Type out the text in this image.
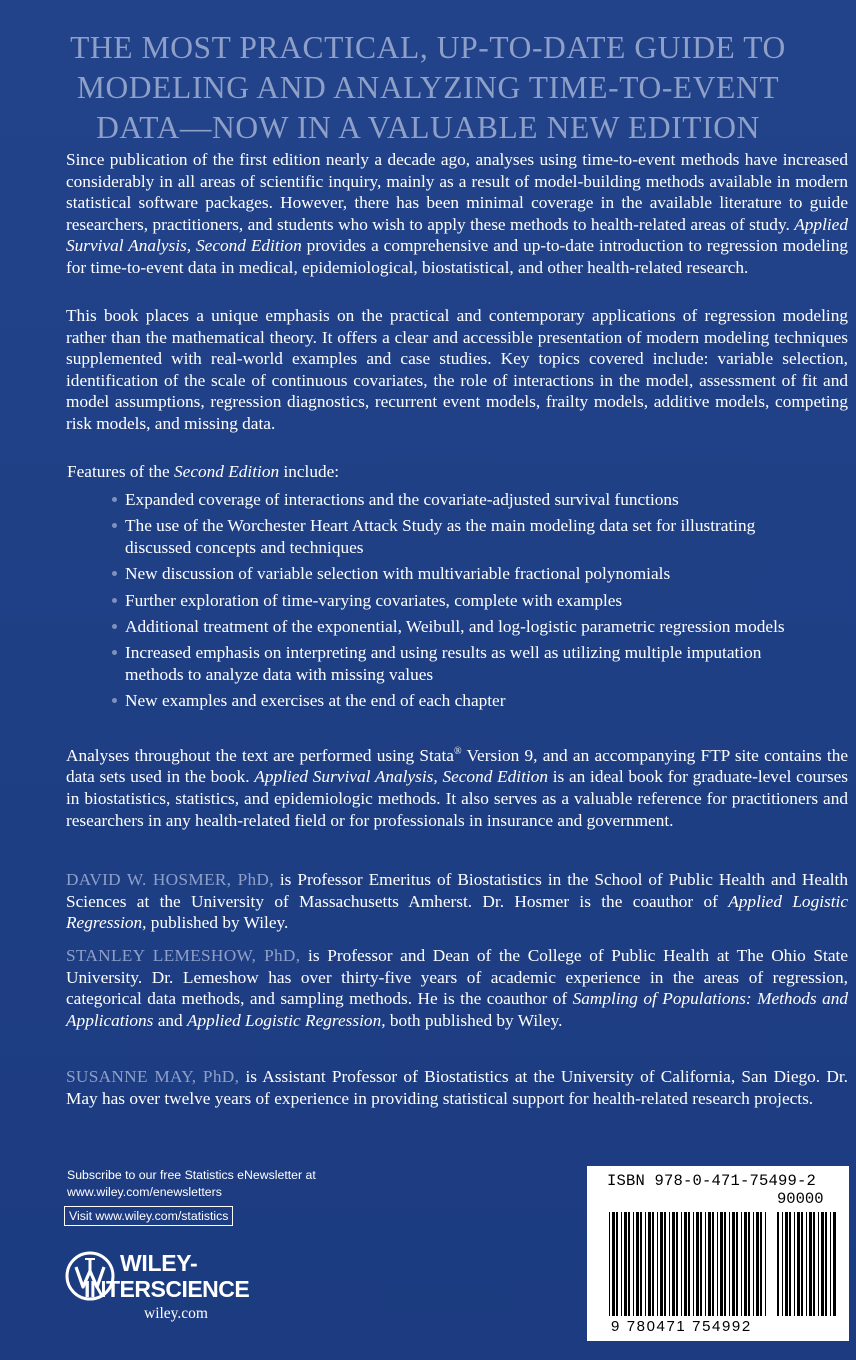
THE MOST PRACTICAL, UP-TO-DATE GUIDE TO
MODELING AND ANALYZING TIME-TO-EVENT
DATA—NOW IN A VALUABLE NEW EDITION

Since publication of the first edition nearly a decade ago, analyses using time-to-event methods have increased considerably in all areas of scientific inquiry, mainly as a result of model-building methods available in modern statistical software packages. However, there has been minimal coverage in the available literature to guide researchers, practitioners, and students who wish to apply these methods to health-related areas of study. Applied Survival Analysis, Second Edition provides a comprehensive and up-to-date introduction to regression modeling for time-to-event data in medical, epidemiological, biostatistical, and other health-related research.

This book places a unique emphasis on the practical and contemporary applications of regression modeling rather than the mathematical theory. It offers a clear and accessible presentation of modern modeling techniques supplemented with real-world examples and case studies. Key topics covered include: variable selection, identification of the scale of continuous covariates, the role of interactions in the model, assessment of fit and model assumptions, regression diagnostics, recurrent event models, frailty models, additive models, competing risk models, and missing data.

Features of the Second Edition include:
Expanded coverage of interactions and the covariate-adjusted survival functions
The use of the Worchester Heart Attack Study as the main modeling data set for illustrating discussed concepts and techniques
New discussion of variable selection with multivariable fractional polynomials
Further exploration of time-varying covariates, complete with examples
Additional treatment of the exponential, Weibull, and log-logistic parametric regression models
Increased emphasis on interpreting and using results as well as utilizing multiple imputation methods to analyze data with missing values
New examples and exercises at the end of each chapter

Analyses throughout the text are performed using Stata® Version 9, and an accompanying FTP site contains the data sets used in the book. Applied Survival Analysis, Second Edition is an ideal book for graduate-level courses in biostatistics, statistics, and epidemiologic methods. It also serves as a valuable reference for practitioners and researchers in any health-related field or for professionals in insurance and government.

DAVID W. HOSMER, PhD, is Professor Emeritus of Biostatistics in the School of Public Health and Health Sciences at the University of Massachusetts Amherst. Dr. Hosmer is the coauthor of Applied Logistic Regression, published by Wiley.

STANLEY LEMESHOW, PhD, is Professor and Dean of the College of Public Health at The Ohio State University. Dr. Lemeshow has over thirty-five years of academic experience in the areas of regression, categorical data methods, and sampling methods. He is the coauthor of Sampling of Populations: Methods and Applications and Applied Logistic Regression, both published by Wiley.

SUSANNE MAY, PhD, is Assistant Professor of Biostatistics at the University of California, San Diego. Dr. May has over twelve years of experience in providing statistical support for health-related research projects.

Subscribe to our free Statistics eNewsletter at
www.wiley.com/enewsletters
Visit www.wiley.com/statistics
WILEY-
INTERSCIENCE
wiley.com
ISBN 978-0-471-75499-2
90000
9 780471 754992
